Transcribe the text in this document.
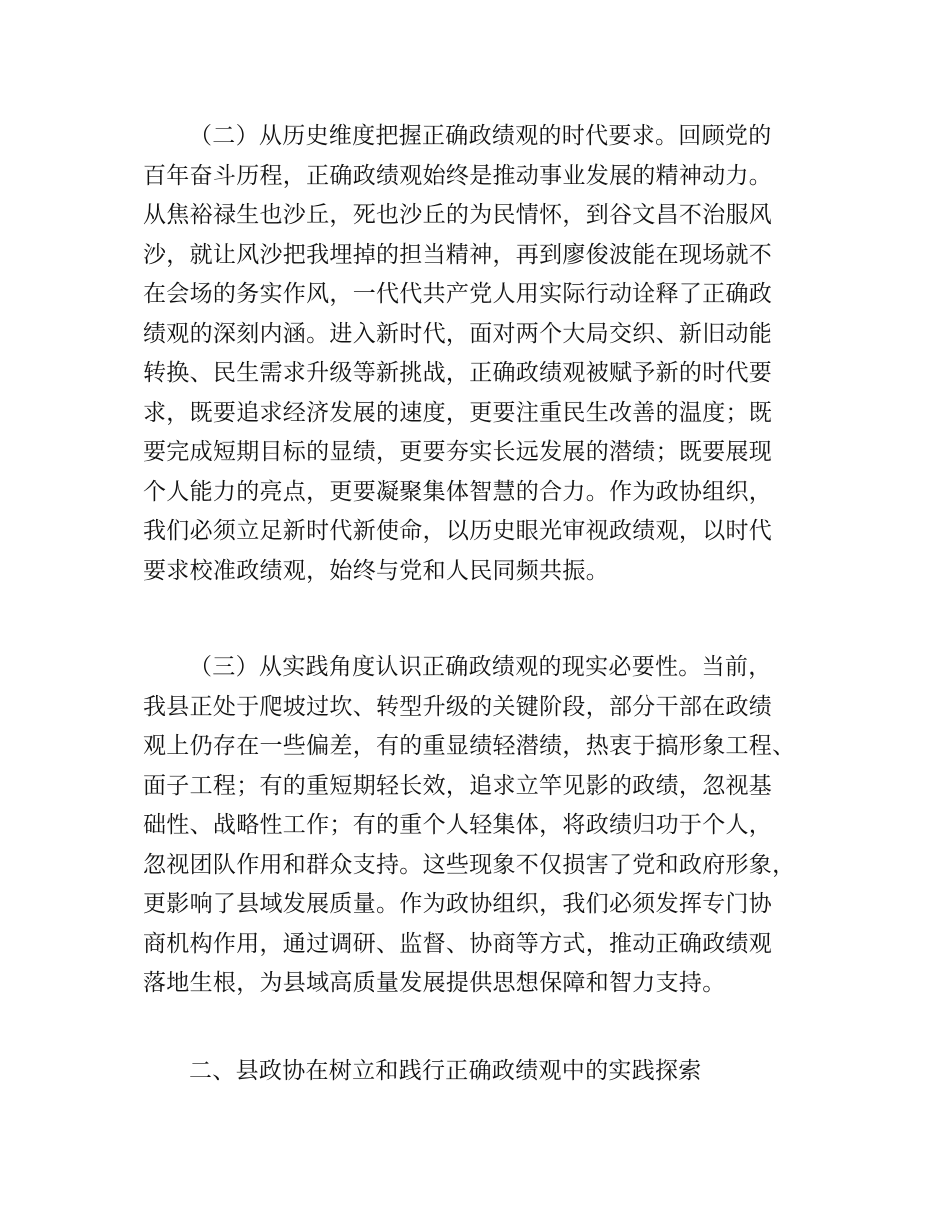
（二）从历史维度把握正确政绩观的时代要求。回顾党的
百年奋斗历程，正确政绩观始终是推动事业发展的精神动力。
从焦裕禄生也沙丘，死也沙丘的为民情怀，到谷文昌不治服风
沙，就让风沙把我埋掉的担当精神，再到廖俊波能在现场就不
在会场的务实作风，一代代共产党人用实际行动诠释了正确政
绩观的深刻内涵。进入新时代，面对两个大局交织、新旧动能
转换、民生需求升级等新挑战，正确政绩观被赋予新的时代要
求，既要追求经济发展的速度，更要注重民生改善的温度；既
要完成短期目标的显绩，更要夯实长远发展的潜绩；既要展现
个人能力的亮点，更要凝聚集体智慧的合力。作为政协组织，
我们必须立足新时代新使命，以历史眼光审视政绩观，以时代
要求校准政绩观，始终与党和人民同频共振。
（三）从实践角度认识正确政绩观的现实必要性。当前，
我县正处于爬坡过坎、转型升级的关键阶段，部分干部在政绩
观上仍存在一些偏差，有的重显绩轻潜绩，热衷于搞形象工程、
面子工程；有的重短期轻长效，追求立竿见影的政绩，忽视基
础性、战略性工作；有的重个人轻集体，将政绩归功于个人，
忽视团队作用和群众支持。这些现象不仅损害了党和政府形象，
更影响了县域发展质量。作为政协组织，我们必须发挥专门协
商机构作用，通过调研、监督、协商等方式，推动正确政绩观
落地生根，为县域高质量发展提供思想保障和智力支持。

二、县政协在树立和践行正确政绩观中的实践探索
